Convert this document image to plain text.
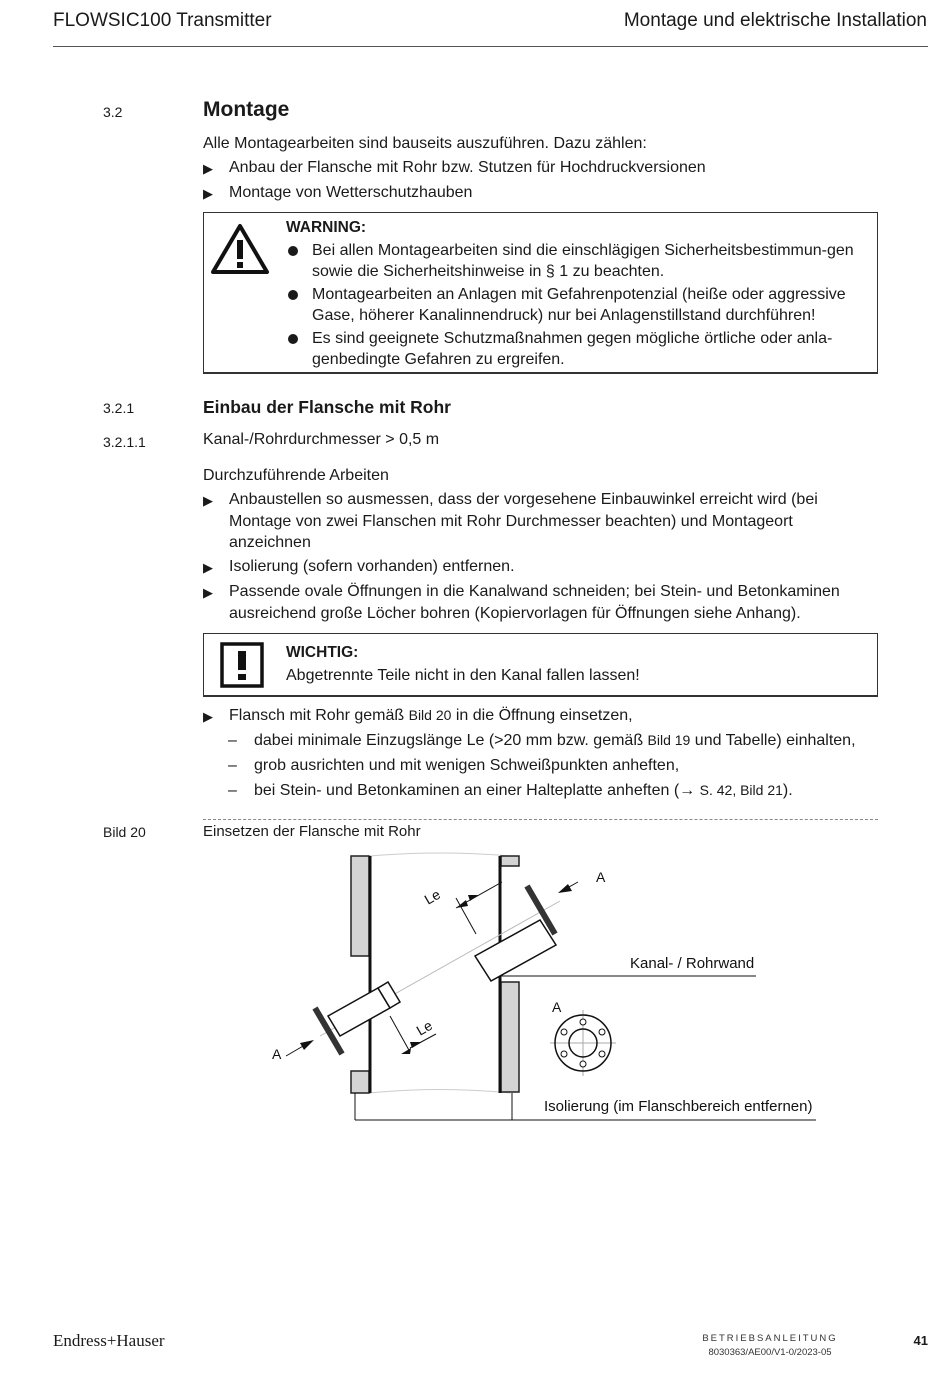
FLOWSIC100 Transmitter	Montage und elektrische Installation
3.2	Montage
Alle Montagearbeiten sind bauseits auszuführen. Dazu zählen:
▶	Anbau der Flansche mit Rohr bzw. Stutzen für Hochdruckversionen
▶	Montage von Wetterschutzhauben
WARNING:
Bei allen Montagearbeiten sind die einschlägigen Sicherheitsbestimmun-gen sowie die Sicherheitshinweise in § 1 zu beachten.
Montagearbeiten an Anlagen mit Gefahrenpotenzial (heiße oder aggressive Gase, höherer Kanalinnendruck) nur bei Anlagenstillstand durchführen!
Es sind geeignete Schutzmaßnahmen gegen mögliche örtliche oder anla-genbedingte Gefahren zu ergreifen.
3.2.1	Einbau der Flansche mit Rohr
3.2.1.1	Kanal-/Rohrdurchmesser > 0,5 m
Durchzuführende Arbeiten
▶	Anbaustellen so ausmessen, dass der vorgesehene Einbauwinkel erreicht wird (bei Montage von zwei Flanschen mit Rohr Durchmesser beachten) und Montageort anzeichnen
▶	Isolierung (sofern vorhanden) entfernen.
▶	Passende ovale Öffnungen in die Kanalwand schneiden; bei Stein- und Betonkaminen ausreichend große Löcher bohren (Kopiervorlagen für Öffnungen siehe Anhang).
WICHTIG:
Abgetrennte Teile nicht in den Kanal fallen lassen!
▶	Flansch mit Rohr gemäß Bild 20 in die Öffnung einsetzen,
–	dabei minimale Einzugslänge Le (>20 mm bzw. gemäß Bild 19 und Tabelle) einhalten,
–	grob ausrichten und mit wenigen Schweißpunkten anheften,
–	bei Stein- und Betonkaminen an einer Halteplatte anheften (→ S. 42, Bild 21).
Bild 20	Einsetzen der Flansche mit Rohr
Le
Le
A
A
Kanal- / Rohrwand
A
Isolierung (im Flanschbereich entfernen)
Endress+Hauser	BETRIEBSANLEITUNG
8030363/AE00/V1-0/2023-05
41
